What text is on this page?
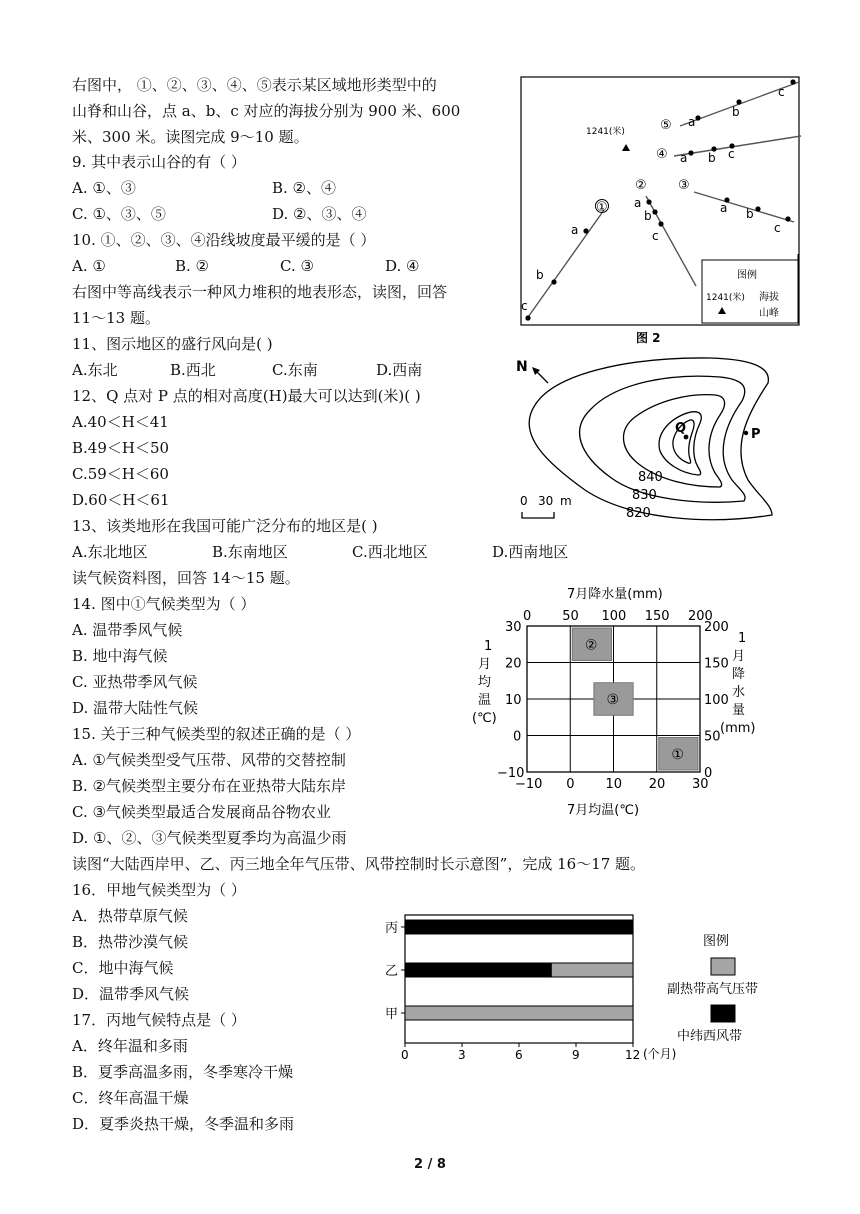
右图中， ①、②、③、④、⑤表示某区域地形类型中的
山脊和山谷，点 a、b、c 对应的海拔分别为 900 米、600
米、300 米。读图完成 9～10 题。
9. 其中表示山谷的有（ ）
A. ①、③	B. ②、④
C. ①、③、⑤	D. ②、③、④
10. ①、②、③、④沿线坡度最平缓的是（ ）
A. ①	B. ②	C. ③	D. ④
右图中等高线表示一种风力堆积的地表形态，读图，回答
11～13 题。
11、图示地区的盛行风向是( )
A.东北	B.西北	C.东南	D.西南
12、Q 点对 P 点的相对高度(H)最大可以达到(米)( )
A.40＜H＜41
B.49＜H＜50
C.59＜H＜60
D.60＜H＜61
13、该类地形在我国可能广泛分布的地区是( )
A.东北地区	B.东南地区	C.西北地区	D.西南地区
读气候资料图，回答 14～15 题。
14. 图中①气候类型为（ ）
A. 温带季风气候
B. 地中海气候
C. 亚热带季风气候
D. 温带大陆性气候
15. 关于三种气候类型的叙述正确的是（ ）
A. ①气候类型受气压带、风带的交替控制
B. ②气候类型主要分布在亚热带大陆东岸
C. ③气候类型最适合发展商品谷物农业
D. ①、②、③气候类型夏季均为高温少雨
读图“大陆西岸甲、乙、丙三地全年气压带、风带控制时长示意图”，完成 16～17 题。
16．甲地气候类型为（ ）
A．热带草原气候
B．热带沙漠气候
C．地中海气候
D．温带季风气候
17．丙地气候特点是（ ）
A．终年温和多雨
B．夏季高温多雨，冬季寒冷干燥
C．终年高温干燥
D．夏季炎热干燥，冬季温和多雨
a
b
c
① a
b
c
②
a b
c
③
a b c
④
a
b
c
⑤
1241(米)
图例
1241(米) 海拔
山峰
图 2
N
Q	P
840
830
820
0 30 m
7月降水量(mm)
7月均温(℃)
1
月
均
温
(℃)
1
月
降
水
量
(mm)
①
②
③
−10 0 10 20 30
0 50 100 150 200
−10
0
10
20
30
0
50
100
150
200
甲
乙
丙
0	3	6	9	12 (个月)
图例
副热带高气压带
中纬西风带
2 / 8
